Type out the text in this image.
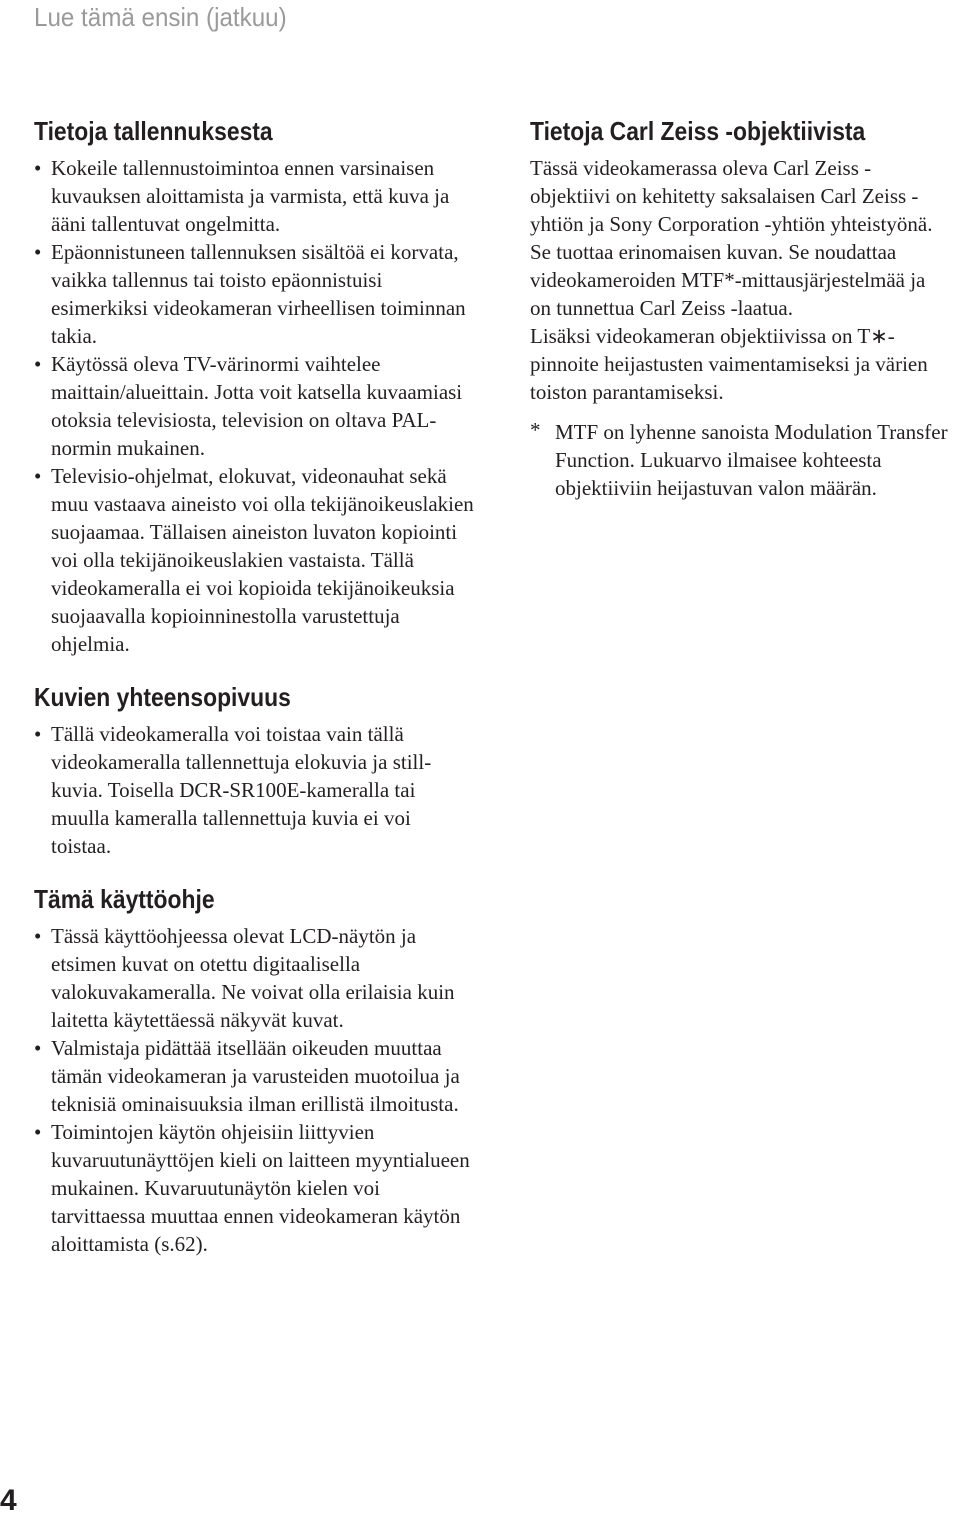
Lue tämä ensin (jatkuu)
Tietoja tallennuksesta
• Kokeile tallennustoimintoa ennen varsinaisen kuvauksen aloittamista ja varmista, että kuva ja ääni tallentuvat ongelmitta.
• Epäonnistuneen tallennuksen sisältöä ei korvata, vaikka tallennus tai toisto epäonnistuisi esimerkiksi videokameran virheellisen toiminnan takia.
• Käytössä oleva TV-värinormi vaihtelee maittain/alueittain. Jotta voit katsella kuvaamiasi otoksia televisiosta, television on oltava PAL-normin mukainen.
• Televisio-ohjelmat, elokuvat, videonauhat sekä muu vastaava aineisto voi olla tekijänoikeuslakien suojaamaa. Tällaisen aineiston luvaton kopiointi voi olla tekijänoikeuslakien vastaista. Tällä videokameralla ei voi kopioida tekijänoikeuksia suojaavalla kopioinninestolla varustettuja ohjelmia.
Kuvien yhteensopivuus
• Tällä videokameralla voi toistaa vain tällä videokameralla tallennettuja elokuvia ja still-kuvia. Toisella DCR-SR100E-kameralla tai muulla kameralla tallennettuja kuvia ei voi toistaa.
Tämä käyttöohje
• Tässä käyttöohjeessa olevat LCD-näytön ja etsimen kuvat on otettu digitaalisella valokuvakameralla. Ne voivat olla erilaisia kuin laitetta käytettäessä näkyvät kuvat.
• Valmistaja pidättää itsellään oikeuden muuttaa tämän videokameran ja varusteiden muotoilua ja teknisiä ominaisuuksia ilman erillistä ilmoitusta.
• Toimintojen käytön ohjeisiin liittyvien kuvaruutunäyttöjen kieli on laitteen myyntialueen mukainen. Kuvaruutunäytön kielen voi tarvittaessa muuttaa ennen videokameran käytön aloittamista (s.62).
Tietoja Carl Zeiss -objektiivista

Tässä videokamerassa oleva Carl Zeiss -objektiivi on kehitetty saksalaisen Carl Zeiss -yhtiön ja Sony Corporation -yhtiön yhteistyönä. Se tuottaa erinomaisen kuvan. Se noudattaa videokameroiden MTF*-mittausjärjestelmää ja on tunnettua Carl Zeiss -laatua.

Lisäksi videokameran objektiivissa on T∗-pinnoite heijastusten vaimentamiseksi ja värien toiston parantamiseksi.

* MTF on lyhenne sanoista Modulation Transfer Function. Lukuarvo ilmaisee kohteesta objektiiviin heijastuvan valon määrän.
4
